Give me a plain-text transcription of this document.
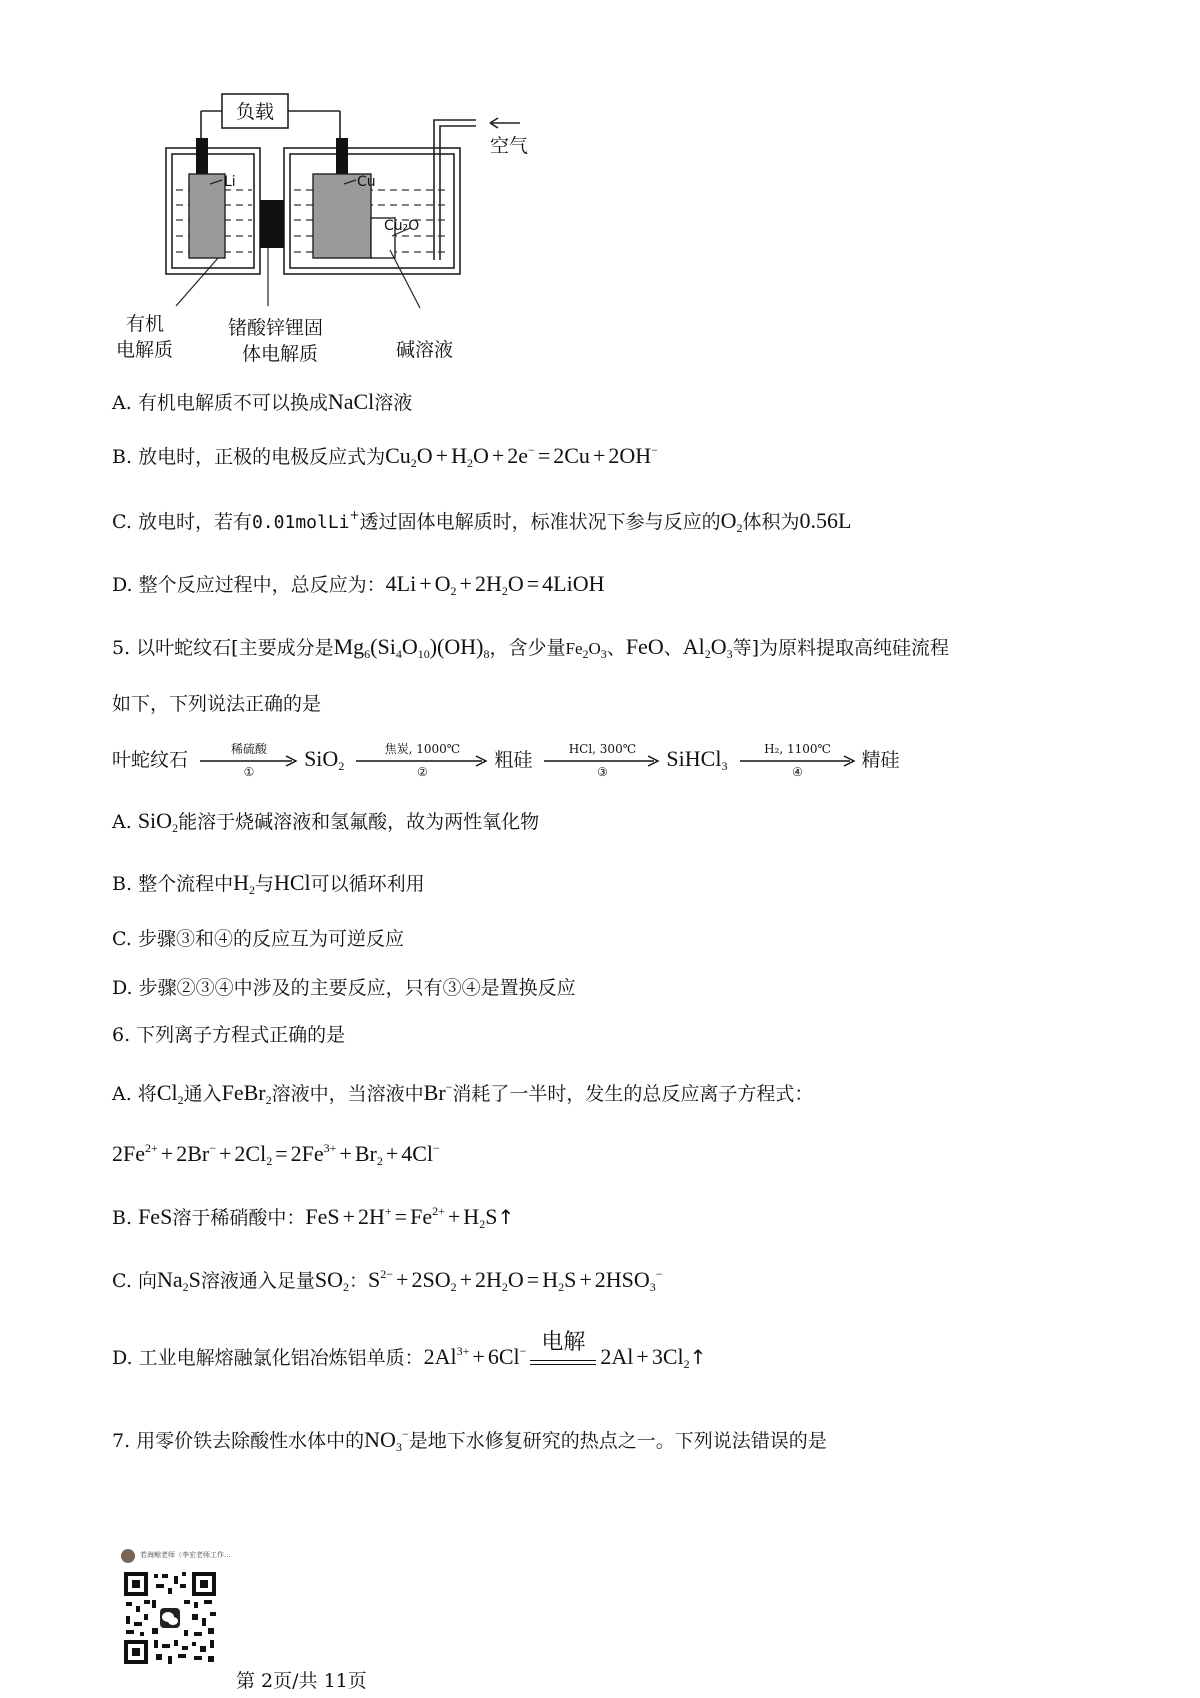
负载
空气
Li	Cu
Cu₂O
有机
电解质
锗酸锌锂固
体电解质	碱溶液
A. 有机电解质不可以换成NaCl溶液
B. 放电时，正极的电极反应式为$Cu_2O + H_2O + 2e^- = 2Cu + 2OH^-$
C. 放电时，若有0.01molLi+透过固体电解质时，标准状况下参与反应的$O_2$体积为0.56L
D. 整个反应过程中，总反应为：$4Li + O_2 + 2H_2O$ = 4LiOH
5. 以叶蛇纹石[主要成分是$Mg_6(Si_4O_{10})(OH)_8$，含少量$Fe_2O_3$、FeO、$Al_2O_3$等]为原料提取高纯硅流程
如下，下列说法正确的是
叶蛇纹石	稀硫酸
①
SiO$_2$
焦炭, 1000℃
②
粗硅	HCl, 300℃
③
SiHCl$_3$
H₂, 1100℃
④
精硅
A. SiO$_2$能溶于烧碱溶液和氢氟酸，故为两性氧化物
B. 整个流程中$H_2$与HCl可以循环利用
C. 步骤③和④的反应互为可逆反应
D. 步骤②③④中涉及的主要反应，只有③④是置换反应
6. 下列离子方程式正确的是
A. 将$Cl_2$通入FeBr$_2$溶液中，当溶液中Br−消耗了一半时，发生的总反应离子方程式：
$2Fe^{2+} + 2Br^- + 2Cl_2 = 2Fe^{3+} + Br_2 + 4Cl^-$
B. FeS溶于稀硝酸中：FeS + $2H^+ = Fe^{2+}$ + $H_2S↑$
C. 向$Na_2S$溶液通入足量$SO_2$：$S^{2-} + 2SO_2 + 2H_2O = H_2S + 2HSO_3^-$
D. 工业电解熔融氯化铝冶炼铝单质：$2Al^{3+} + 6Cl^-$ 电解
$2Al + 3Cl_2↑$
7. 用零价铁去除酸性水体中的$NO_3^-$是地下水修复研究的热点之一。下列说法错误的是
若海鲸老师（李宏老师工作...
第 2页/共 11页
